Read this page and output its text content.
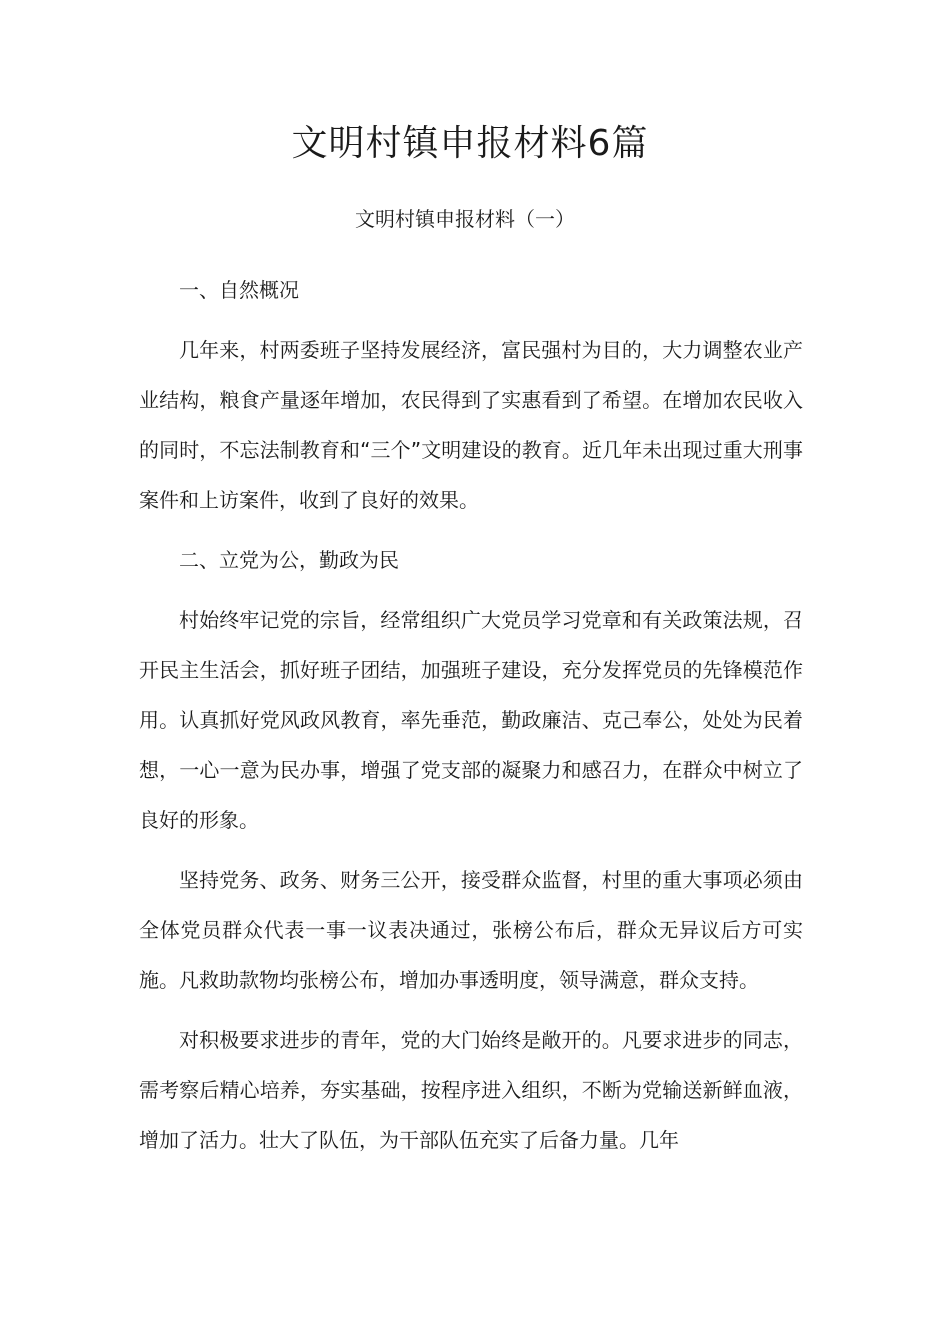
文明村镇申报材料6篇
文明村镇申报材料（一）

一、自然概况

几年来，村两委班子坚持发展经济，富民强村为目的，大力调整农业产业结构，粮食产量逐年增加，农民得到了实惠看到了希望。在增加农民收入的同时，不忘法制教育和“三个”文明建设的教育。近几年未出现过重大刑事案件和上访案件，收到了良好的效果。

二、立党为公，勤政为民

村始终牢记党的宗旨，经常组织广大党员学习党章和有关政策法规，召开民主生活会，抓好班子团结，加强班子建设，充分发挥党员的先锋模范作用。认真抓好党风政风教育，率先垂范，勤政廉洁、克己奉公，处处为民着想，一心一意为民办事，增强了党支部的凝聚力和感召力，在群众中树立了良好的形象。

坚持党务、政务、财务三公开，接受群众监督，村里的重大事项必须由全体党员群众代表一事一议表决通过，张榜公布后，群众无异议后方可实施。凡救助款物均张榜公布，增加办事透明度，领导满意，群众支持。

对积极要求进步的青年，党的大门始终是敞开的。凡要求进步的同志，需考察后精心培养，夯实基础，按程序进入组织，不断为党输送新鲜血液，增加了活力。壮大了队伍，为干部队伍充实了后备力量。几年
